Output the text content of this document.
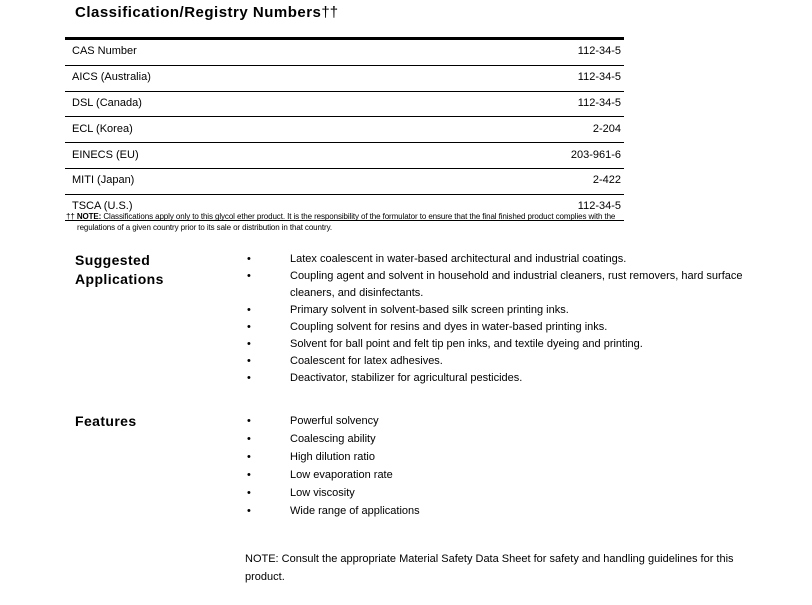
Classification/Registry Numbers††
CAS Number	112-34-5
AICS (Australia)	112-34-5
DSL (Canada)	112-34-5
ECL (Korea)	2-204
EINECS (EU)	203-961-6
MITI (Japan)	2-422
TSCA (U.S.)	112-34-5

†† NOTE: Classifications apply only to this glycol ether product. It is the responsibility of the formulator to ensure that the final finished product complies with the regulations of a given country prior to its sale or distribution in that country.

Suggested Applications
•	Latex coalescent in water-based architectural and industrial coatings.
•	Coupling agent and solvent in household and industrial cleaners, rust removers, hard surface cleaners, and disinfectants.
•	Primary solvent in solvent-based silk screen printing inks.
•	Coupling solvent for resins and dyes in water-based printing inks.
•	Solvent for ball point and felt tip pen inks, and textile dyeing and printing.
•	Coalescent for latex adhesives.
•	Deactivator, stabilizer for agricultural pesticides.
Features	•	Powerful solvency
•	Coalescing ability
•	High dilution ratio
•	Low evaporation rate
•	Low viscosity
•	Wide range of applications

NOTE: Consult the appropriate Material Safety Data Sheet for safety and handling guidelines for this product.
